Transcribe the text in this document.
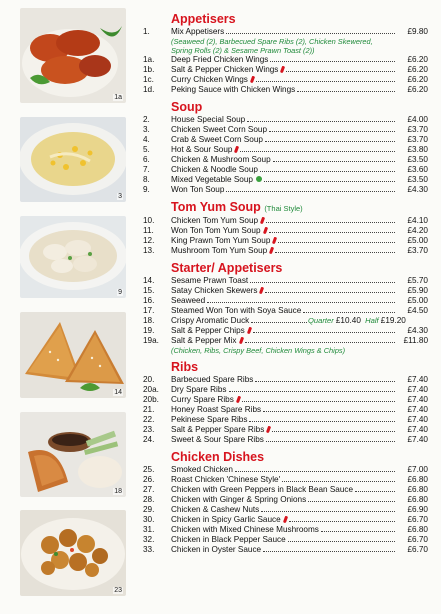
1a
3
9
14
18
23
Appetisers
1.	Mix Appetisers	£9.80
(Seaweed (2), Barbecued Spare Ribs (2), Chicken Skewered,
Spring Rolls (2) & Sesame Prawn Toast (2))
1a.	Deep Fried Chicken Wings	£6.20
1b.	Salt & Pepper Chicken Wings	£6.20
1c.	Curry Chicken Wings	£6.20
1d.	Peking Sauce with Chicken Wings	£6.20
Soup
2.	House Special Soup	£4.00
3.	Chicken Sweet Corn Soup	£3.70
4.	Crab & Sweet Corn Soup	£3.70
5.	Hot & Sour Soup	£3.80
6.	Chicken & Mushroom Soup	£3.50
7.	Chicken & Noodle Soup	£3.60
8.	Mixed Vegetable Soup	£3.50
9.	Won Ton Soup	£4.30
Tom Yum Soup (Thai Style)
10.	Chicken Tom Yum Soup	£4.10
11.	Won Ton Tom Yum Soup	£4.20
12.	King Prawn Tom Yum Soup	£5.00
13.	Mushroom Tom Yum Soup	£3.70
Starter/ Appetisers
14.	Sesame Prawn Toast	£5.70
15.	Satay Chicken Skewers	£5.90
16.	Seaweed	£5.00
17.	Steamed Won Ton with Soya Sauce	£4.50
18.	Crispy Aromatic Duck	Quarter £10.40 Half £19.20
19.	Salt & Pepper Chips	£4.30
19a.	Salt & Pepper Mix	£11.80
(Chicken, Ribs, Crispy Beef, Chicken Wings & Chips)
Ribs
20.	Barbecued Spare Ribs	£7.40
20a.	Dry Spare Ribs	£7.40
20b.	Curry Spare Ribs	£7.40
21.	Honey Roast Spare Ribs	£7.40
22.	Pekinese Spare Ribs	£7.40
23.	Salt & Pepper Spare Ribs	£7.40
24.	Sweet & Sour Spare Ribs	£7.40
Chicken Dishes
25.	Smoked Chicken	£7.00
26.	Roast Chicken 'Chinese Style'	£6.80
27.	Chicken with Green Peppers in Black Bean Sauce	£6.80
28.	Chicken with Ginger & Spring Onions	£6.80
29.	Chicken & Cashew Nuts	£6.90
30.	Chicken in Spicy Garlic Sauce	£6.70
31.	Chicken with Mixed Chinese Mushrooms	£6.80
32.	Chicken in Black Pepper Sauce	£6.70
33.	Chicken in Oyster Sauce	£6.70
